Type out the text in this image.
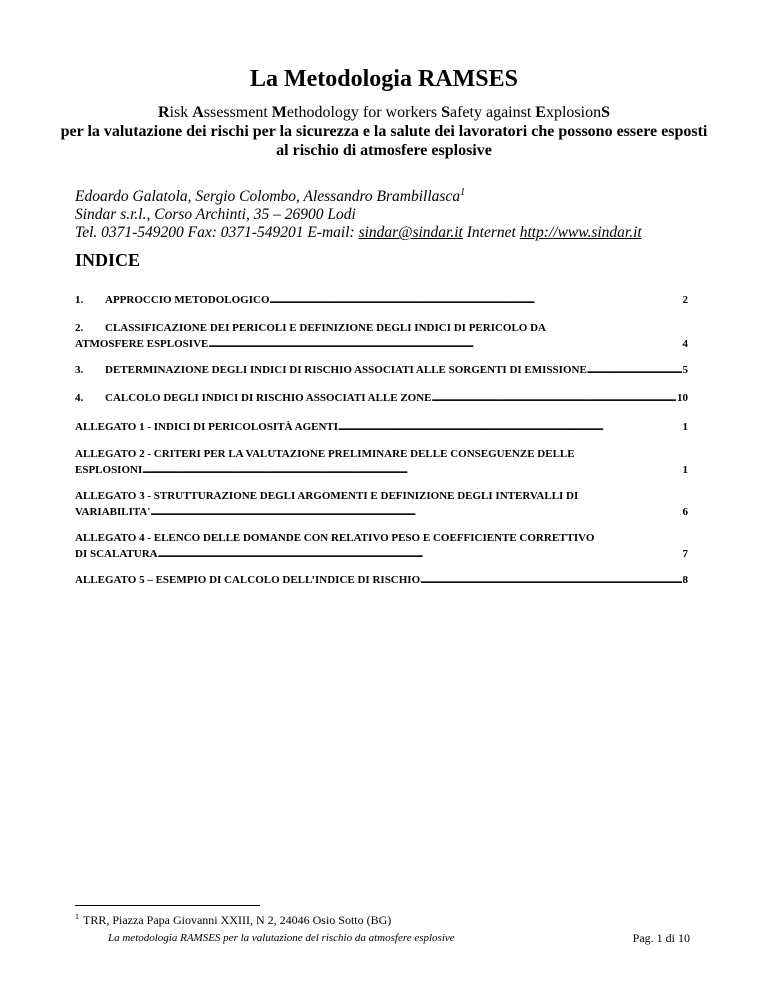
La Metodologia RAMSES
Risk Assessment Methodology for workers Safety against ExplosionS
per la valutazione dei rischi per la sicurezza e la salute dei lavoratori che possono essere esposti al rischio di atmosfere esplosive
Edoardo Galatola, Sergio Colombo, Alessandro Brambillasca$^1$
Sindar s.r.l., Corso Archinti, 35 – 26900 Lodi
Tel. 0371-549200 Fax: 0371-549201 E-mail: sindar@sindar.it Internet http://www.sindar.it
INDICE
1.	APPROCCIO METODOLOGICO . . .	2
2.	CLASSIFICAZIONE DEI PERICOLI E DEFINIZIONE DEGLI INDICI DI PERICOLO DA
ATMOSFERE ESPLOSIVE . . .	4
3.	DETERMINAZIONE DEGLI INDICI DI RISCHIO ASSOCIATI ALLE SORGENTI DI EMISSIONE . . .	5
4.	CALCOLO DEGLI INDICI DI RISCHIO ASSOCIATI ALLE ZONE . . .	10
ALLEGATO 1 - INDICI DI PERICOLOSITÀ AGENTI . . .	1
ALLEGATO 2 - CRITERI PER LA VALUTAZIONE PRELIMINARE DELLE CONSEGUENZE DELLE
ESPLOSIONI . . .	1
ALLEGATO 3 - STRUTTURAZIONE DEGLI ARGOMENTI E DEFINIZIONE DEGLI INTERVALLI DI
VARIABILITA' . . .	6
ALLEGATO 4 - ELENCO DELLE DOMANDE CON RELATIVO PESO E COEFFICIENTE CORRETTIVO
DI SCALATURA . . .	7
ALLEGATO 5 – ESEMPIO DI CALCOLO DELL’INDICE DI RISCHIO . . .	8
$^1$ TRR, Piazza Papa Giovanni XXIII, N 2, 24046 Osio Sotto (BG)
La metodologia RAMSES per la valutazione del rischio da atmosfere esplosive	Pag. 1 di 10
